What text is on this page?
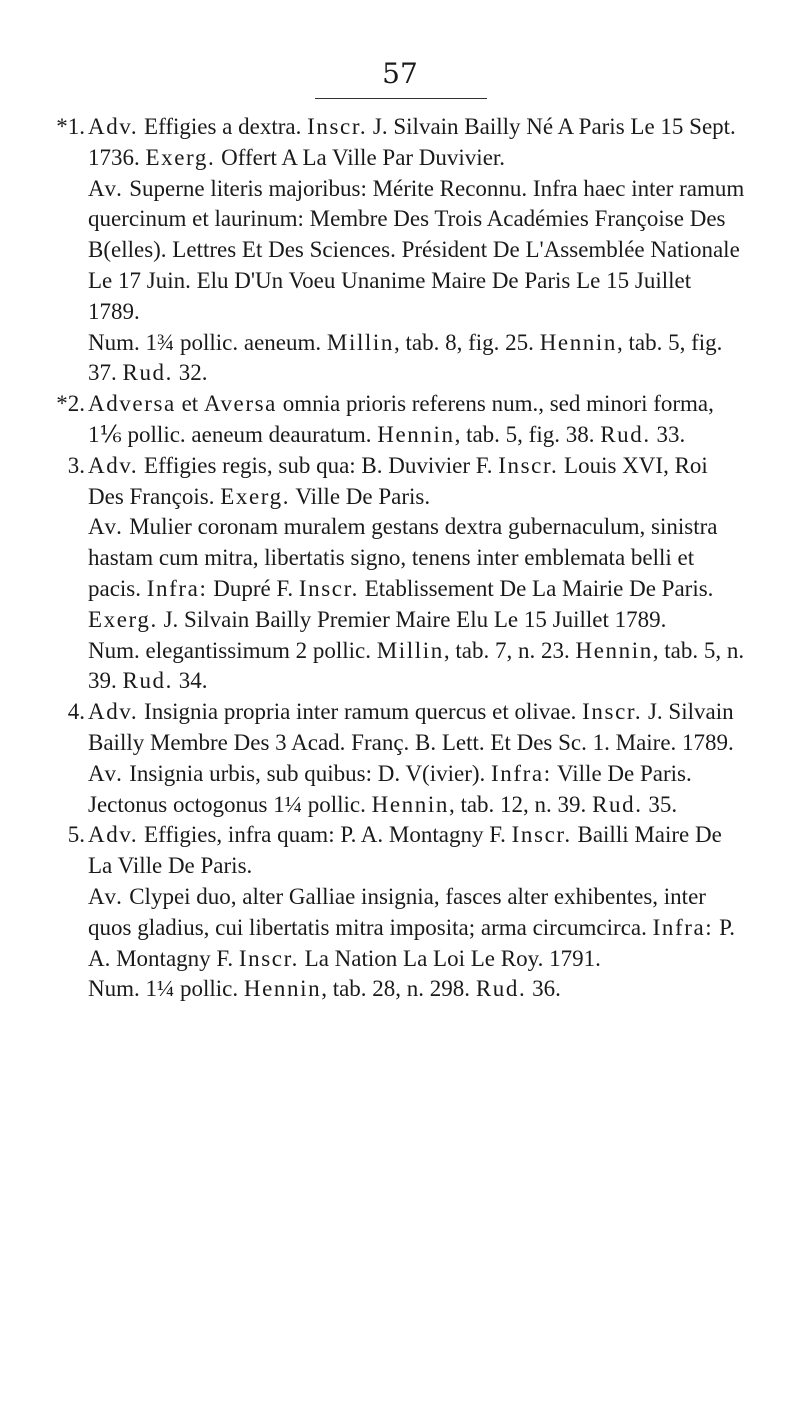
57
*1. Adv. Effigies a dextra. Inscr. J. Silvain Bailly Né A Paris Le 15 Sept. 1736. Exerg. Offert A La Ville Par Duvivier.

Av. Superne literis majoribus: Mérite Reconnu. Infra haec inter ramum quercinum et laurinum: Membre Des Trois Académies Françoise Des B(elles). Lettres Et Des Sciences. Président De L'Assemblée Nationale Le 17 Juin. Elu D'Un Voeu Unanime Maire De Paris Le 15 Juillet 1789.

Num. 1¾ pollic. aeneum. Millin, tab. 8, fig. 25. Hennin, tab. 5, fig. 37. Rud. 32.

*2. Adversa et Aversa omnia prioris referens num., sed minori forma, 1⅙ pollic. aeneum deauratum. Hennin, tab. 5, fig. 38. Rud. 33.

3. Adv. Effigies regis, sub qua: B. Duvivier F. Inscr. Louis XVI, Roi Des François. Exerg. Ville De Paris.

Av. Mulier coronam muralem gestans dextra gubernaculum, sinistra hastam cum mitra, libertatis signo, tenens inter emblemata belli et pacis. Infra: Dupré F. Inscr. Etablissement De La Mairie De Paris. Exerg. J. Silvain Bailly Premier Maire Elu Le 15 Juillet 1789.

Num. elegantissimum 2 pollic. Millin, tab. 7, n. 23. Hennin, tab. 5, n. 39. Rud. 34.

4. Adv. Insignia propria inter ramum quercus et olivae. Inscr. J. Silvain Bailly Membre Des 3 Acad. Franç. B. Lett. Et Des Sc. 1. Maire. 1789.

Av. Insignia urbis, sub quibus: D. V(ivier). Infra: Ville De Paris.

Jectonus octogonus 1¼ pollic. Hennin, tab. 12, n. 39. Rud. 35.

5. Adv. Effigies, infra quam: P. A. Montagny F. Inscr. Bailli Maire De La Ville De Paris.

Av. Clypei duo, alter Galliae insignia, fasces alter exhibentes, inter quos gladius, cui libertatis mitra imposita; arma circumcirca. Infra: P. A. Montagny F. Inscr. La Nation La Loi Le Roy. 1791.

Num. 1¼ pollic. Hennin, tab. 28, n. 298. Rud. 36.
